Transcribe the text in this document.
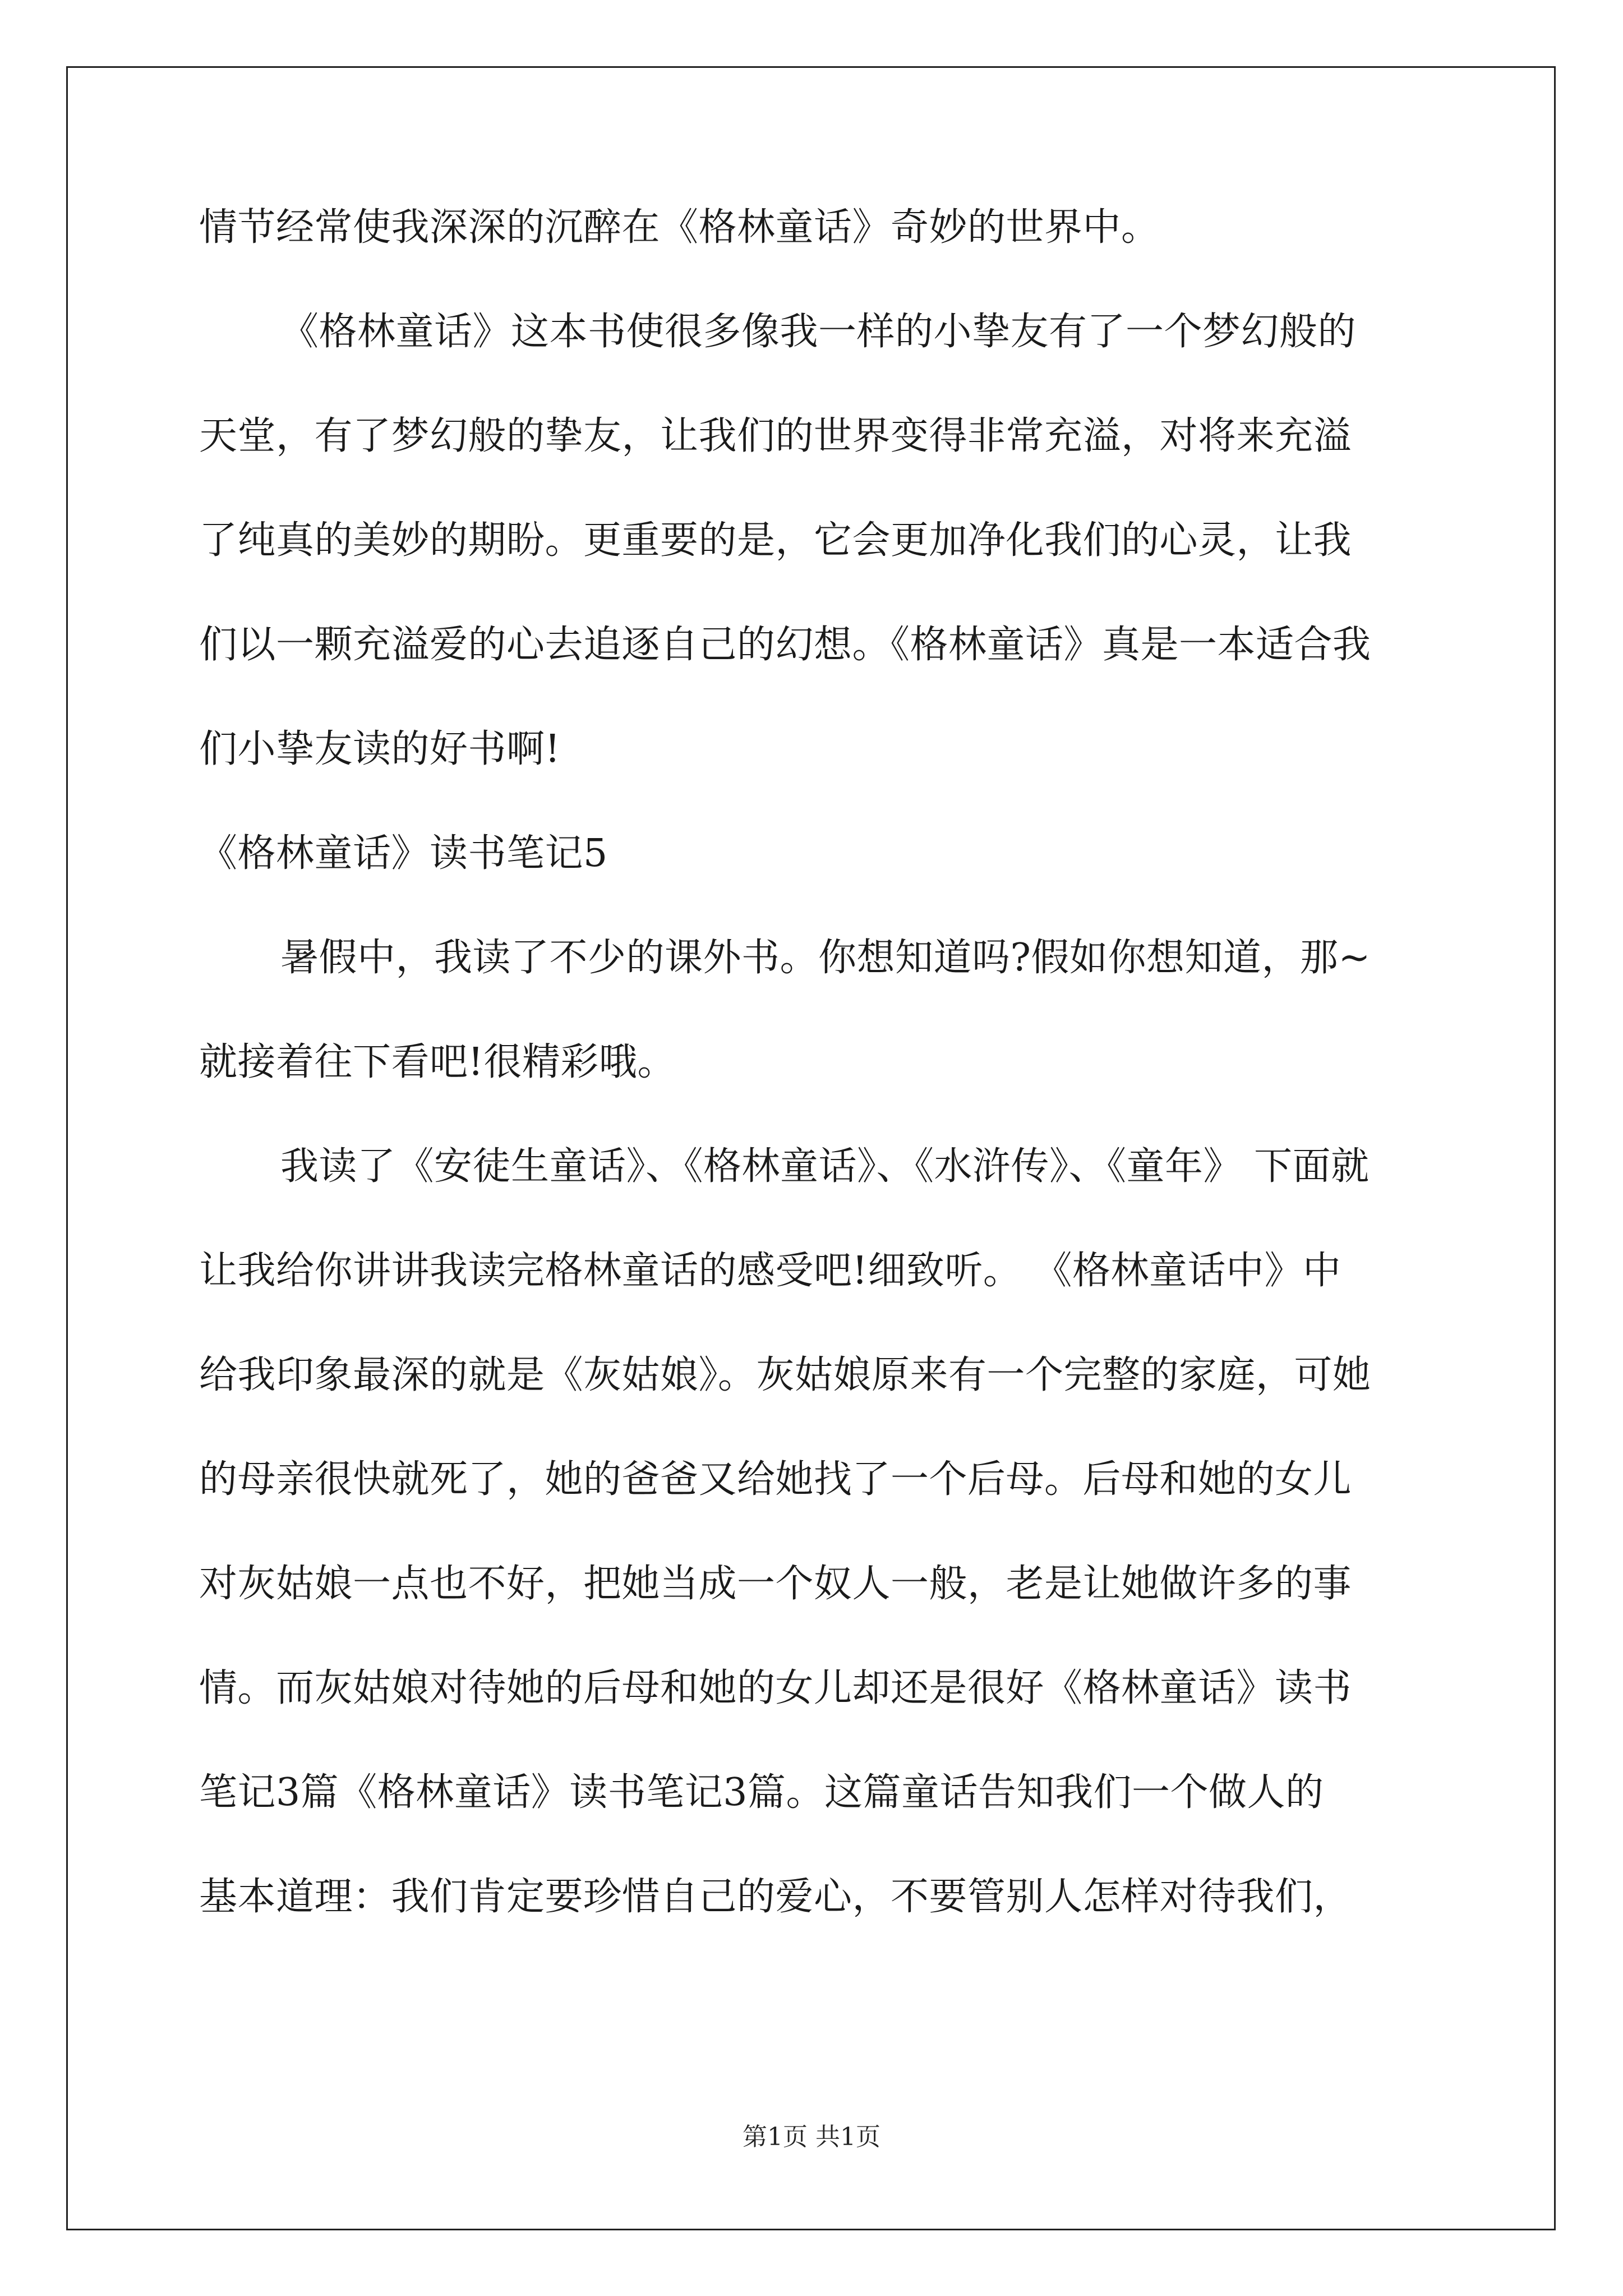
情节经常使我深深的沉醉在《格林童话》奇妙的世界中。
《格林童话》这本书使很多像我一样的小挚友有了一个梦幻般的
天堂，有了梦幻般的挚友，让我们的世界变得非常充溢，对将来充溢
了纯真的美妙的期盼。更重要的是，它会更加净化我们的心灵，让我
们以一颗充溢爱的心去追逐自己的幻想。《格林童话》真是一本适合我
们小挚友读的好书啊!
《格林童话》读书笔记5
暑假中，我读了不少的课外书。你想知道吗?假如你想知道，那~
就接着往下看吧!很精彩哦。
我读了《安徒生童话》、《格林童话》、《水浒传》、《童年》 下面就
让我给你讲讲我读完格林童话的感受吧!细致听。 《格林童话中》中
给我印象最深的就是《灰姑娘》。灰姑娘原来有一个完整的家庭，可她
的母亲很快就死了，她的爸爸又给她找了一个后母。后母和她的女儿
对灰姑娘一点也不好，把她当成一个奴人一般，老是让她做许多的事
情。而灰姑娘对待她的后母和她的女儿却还是很好《格林童话》读书
笔记3篇《格林童话》读书笔记3篇。这篇童话告知我们一个做人的
基本道理：我们肯定要珍惜自己的爱心，不要管别人怎样对待我们，
第1页 共1页
